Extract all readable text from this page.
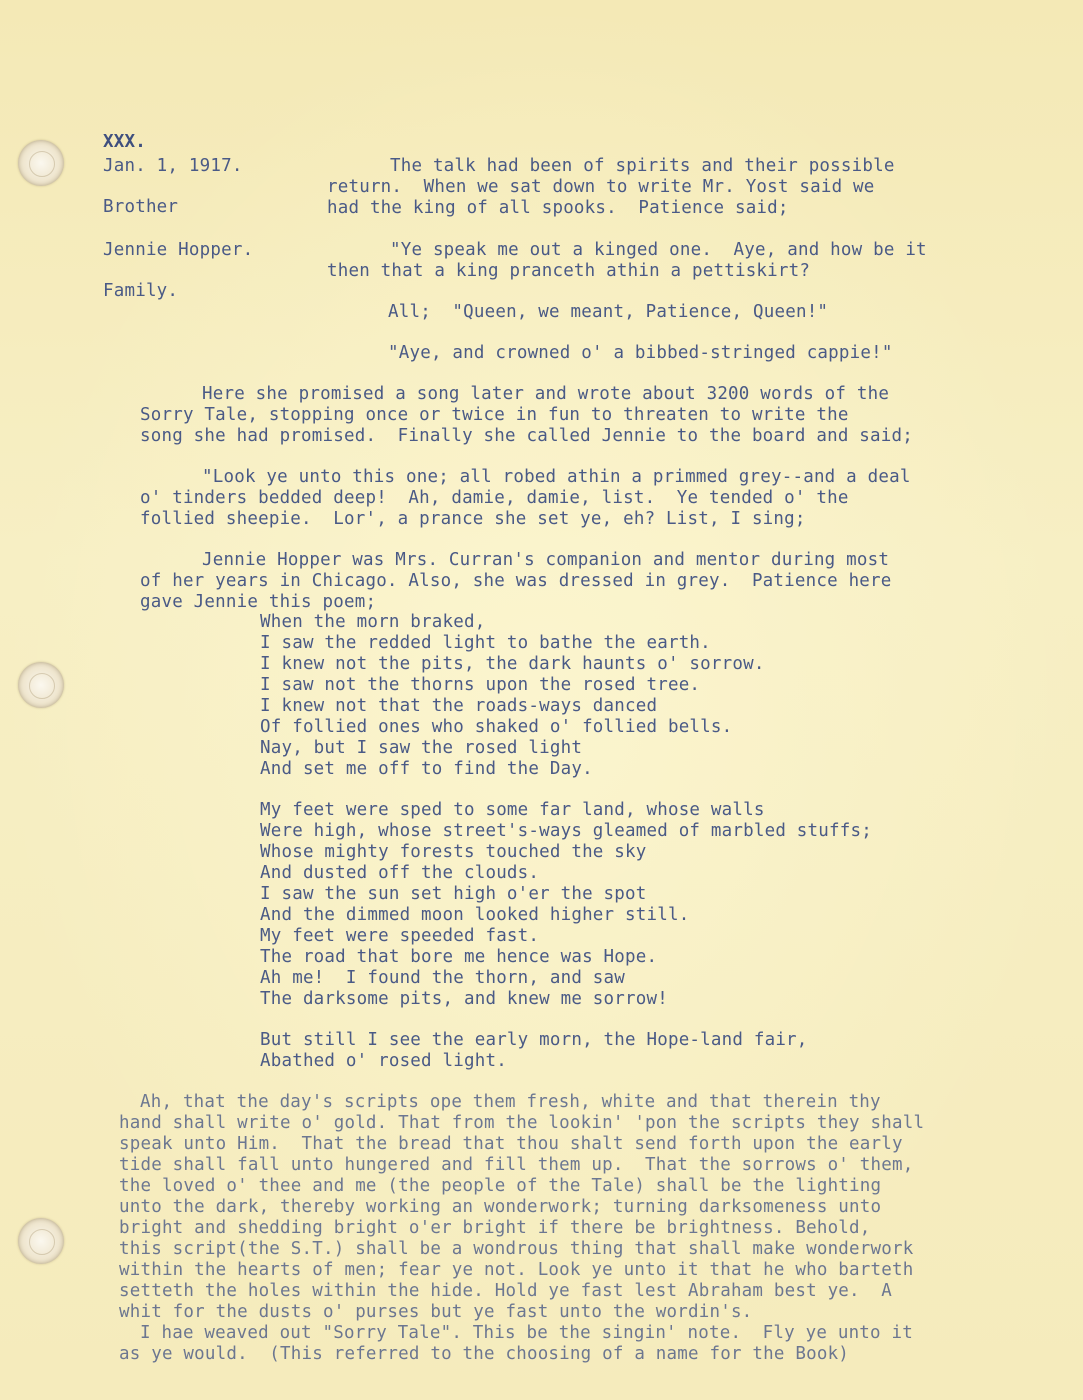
XXX.
Jan. 1, 1917.
Brother
Jennie Hopper.
Family.
The talk had been of spirits and their possible
return.  When we sat down to write Mr. Yost said we
had the king of all spooks.  Patience said;
"Ye speak me out a kinged one.  Aye, and how be it
then that a king pranceth athin a pettiskirt?
All;  "Queen, we meant, Patience, Queen!"
"Aye, and crowned o' a bibbed-stringed cappie!"
Here she promised a song later and wrote about 3200 words of the
Sorry Tale, stopping once or twice in fun to threaten to write the
song she had promised.  Finally she called Jennie to the board and said;
"Look ye unto this one; all robed athin a primmed grey--and a deal
o' tinders bedded deep!  Ah, damie, damie, list.  Ye tended o' the
follied sheepie.  Lor', a prance she set ye, eh? List, I sing;
Jennie Hopper was Mrs. Curran's companion and mentor during most
of her years in Chicago. Also, she was dressed in grey.  Patience here
gave Jennie this poem;
When the morn braked,
I saw the redded light to bathe the earth.
I knew not the pits, the dark haunts o' sorrow.
I saw not the thorns upon the rosed tree.
I knew not that the roads-ways danced
Of follied ones who shaked o' follied bells.
Nay, but I saw the rosed light
And set me off to find the Day.
My feet were sped to some far land, whose walls
Were high, whose street's-ways gleamed of marbled stuffs;
Whose mighty forests touched the sky
And dusted off the clouds.
I saw the sun set high o'er the spot
And the dimmed moon looked higher still.
My feet were speeded fast.
The road that bore me hence was Hope.
Ah me!  I found the thorn, and saw
The darksome pits, and knew me sorrow!
But still I see the early morn, the Hope-land fair,
Abathed o' rosed light.
Ah, that the day's scripts ope them fresh, white and that therein thy
hand shall write o' gold. That from the lookin' 'pon the scripts they shall
speak unto Him.  That the bread that thou shalt send forth upon the early
tide shall fall unto hungered and fill them up.  That the sorrows o' them,
the loved o' thee and me (the people of the Tale) shall be the lighting
unto the dark, thereby working an wonderwork; turning darksomeness unto
bright and shedding bright o'er bright if there be brightness. Behold,
this script(the S.T.) shall be a wondrous thing that shall make wonderwork
within the hearts of men; fear ye not. Look ye unto it that he who barteth
setteth the holes within the hide. Hold ye fast lest Abraham best ye.  A
whit for the dusts o' purses but ye fast unto the wordin's.
I hae weaved out "Sorry Tale". This be the singin' note.  Fly ye unto it
as ye would.  (This referred to the choosing of a name for the Book)
